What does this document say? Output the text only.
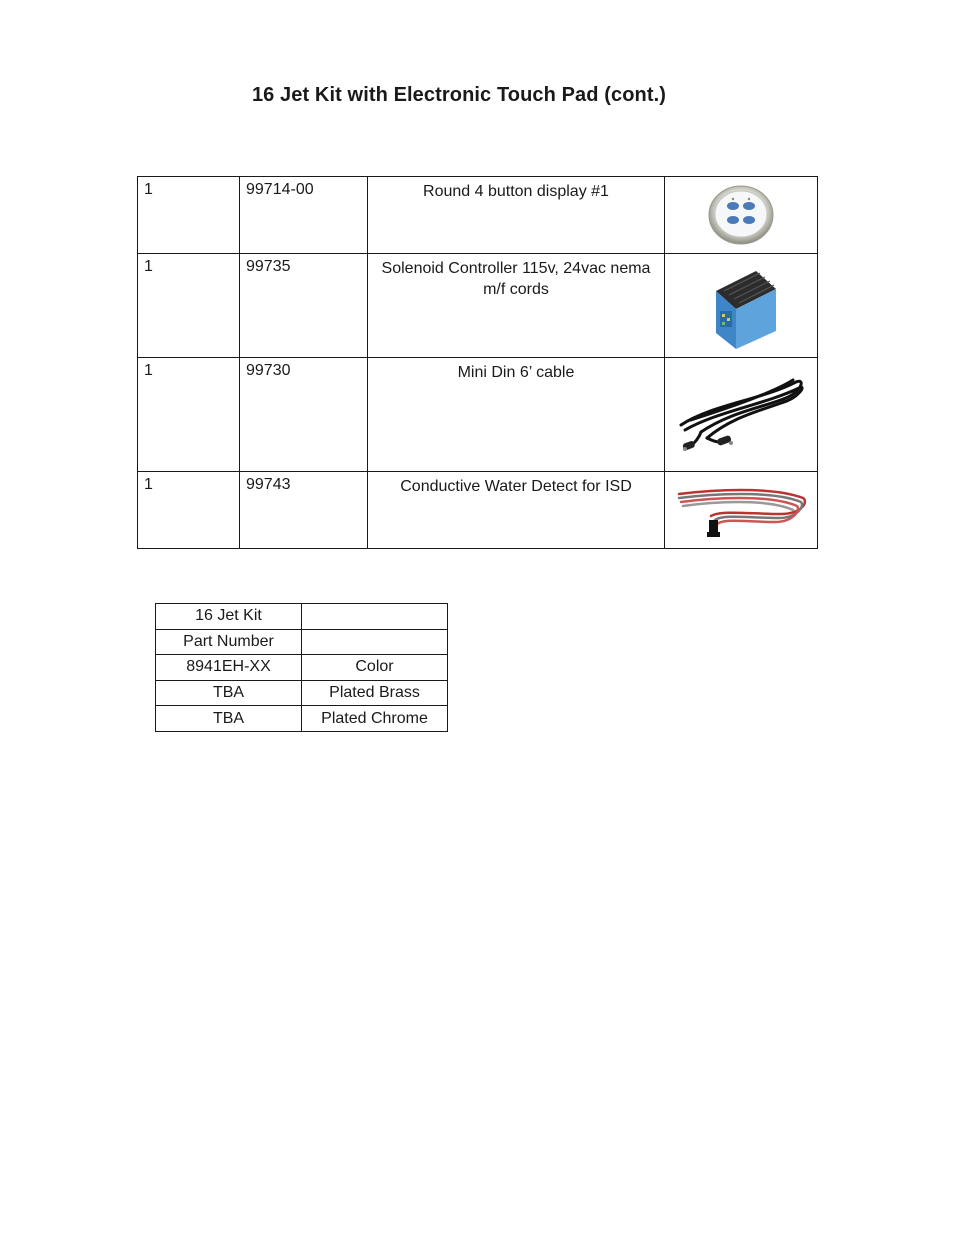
16 Jet Kit with Electronic Touch Pad (cont.)
1	99714-00	Round 4 button display #1	

1	99735	Solenoid Controller 115v, 24vac nema m/f cords	

1	99730	Mini Din 6’ cable	

1	99743	Conductive Water Detect for ISD	
16 Jet Kit	
Part Number	
8941EH-XX	Color
TBA	Plated Brass
TBA	Plated Chrome
